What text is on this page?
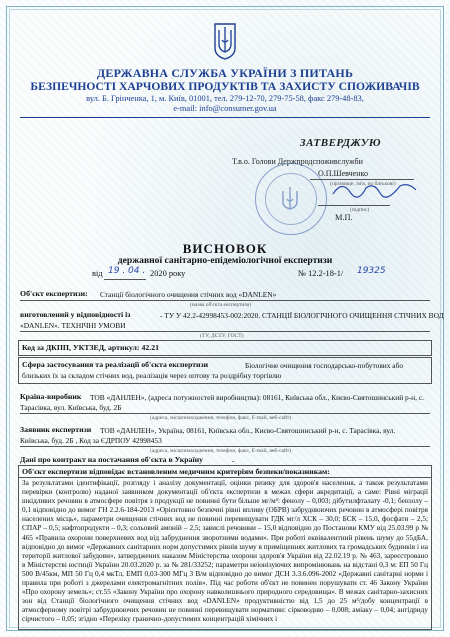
ДЕРЖАВНА СЛУЖБА УКРАЇНИ З ПИТАНЬ
БЕЗПЕЧНОСТІ ХАРЧОВИХ ПРОДУКТІВ ТА ЗАХИСТУ СПОЖИВАЧІВ
вул. Б. Грінченка, 1, м. Київ, 01001, тел. 279-12-70, 279-75-58, факс 279-48-83,
e-mail: info@consumer.gov.ua
ЗАТВЕРДЖУЮ
Т.в.о. Голови Держпродспоживслужби
О.П.Шевченко
(прізвище, ім'я, по батькові)
(підпис)
М.П.
ВИСНОВОК
державної санітарно-епідеміологічної експертизи
від 19 . 04 . 2020 року	№ 12.2-18-1/ 19325
Об'єкт експертизи: Станції біологічного очищення стічних вод «DANLEN»
(назва об'єкта експертизи)
виготовлений у відповідності із	- ТУ У 42.2-42998453-002:2020. СТАНЦІЇ БІОЛОГІЧНОГО ОЧИЩЕННЯ СТІЧНИХ ВОД
«DANLEN». ТЕХНІЧНІ УМОВИ
(ТУ, ДСТУ, ГОСТ)
Код за ДКПП, УКТЗЕД, артикул: 42.21
Сфера застосування та реалізації об'єкта експертизи	Біологічне очищення господарсько-побутових або
близьких їх за складом стічних вод, реалізація через оптову та роздрібну торгівлю
Країна-виробник ТОВ «ДАНЛЕН», (адреса потужностей виробництва): 08161, Київська обл., Києво-Святошинський р-н, с.
Тарасівка, вул. Київська, буд. 2Б
(адреса, місцезнаходження, телефон, факс, E-mail, веб-сайт)
Заявник експертизи ТОВ «ДАНЛЕН», Україна, 08161, Київська обл., Києво-Святошинський р-н, с. Тарасівка, вул.
Київська, буд. 2Б , Код за ЄДРПОУ 42998453
(адреса, місцезнаходження, телефон, факс, E-mail, веб-сайт)
Дані про контракт на постачання об'єкта в Україну	-
Об'єкт експертизи відповідає встановленим медичним критеріям безпеки/показникам:
За результатами ідентифікації, розгляду і аналізу документації, оцінки ризику для здоров'я населення, а також результатами перевірки (контролю) наданої заявником документації об'єкта експертизи в межах сфери акредитації, а саме: Рівні міграції шкідливих речовин в атмосфере повітря з продукції не повинні бути більше мг/м³: фенолу – 0,003; дібутилфталату -0,1; бензолу – 0,1 відповідно до вимог ГН 2.2.6-184-2013 «Орієнтовно безпечні рівні впливу (ОБРВ) забруднюючих речовин в атмосфері повітря населених місць», параметри очищення стічних вод не повинні перевищувати ГДК мг/л ХСК – 30,0; БСК – 15,0, фосфати – 2,5; СПАР – 0,5; нафтопродукти – 0,3; сольовий амоній – 2,5; завислі речовини – 15,0 відповідно до Постанови КМУ від 25.03.99 р № 465 «Правила охорони поверхневих вод від забруднення зворотними водами». При роботі еквівалентний рівень шуму до 55дБА, відповідно до вимог «Державних санітарних норм допустимих рівнів шуму в приміщеннях житлових та громадських будинків і на території житлової забудови», затверджених наказом Міністерства охорони здоров'я України від 22.02.19 р. № 463, зареєстровано в Міністерстві юстиції України 20.03.2020 р. за № 281/33252; параметри неіонізуючих випромінювань на відстані 0,3 м: ЕП 50 Гц 500 В/45км, МП 50 Гц 0,4 мкТл, ЕМП 0,03-300 МГц 3 В/м відповідно до вимог ДСН 3.3.6.096-2002 «Державні санітарні норми і правила при роботі з джерелами електромагнітних полів». Під час роботи об'єкт не повинен порушувати ст. 46 Закону України «Про охорону земель»; ст.55 «Закону України про охорону навколишнього природного середовища». В межах санітарно-захисних зон від Станції біологічного очищення стічних вод «DANLEN» продуктивністю від 1,5 до 25 м³/добу концентрації в атмосферному повітрі забруднюючих речовин не повинні перевищувати нормативи: сірководню – 0,008; аміаку – 0,04; ангідриду сірчистого – 0,05; згідно «Переліку гранично-допустимих концентрацій хімічних і
